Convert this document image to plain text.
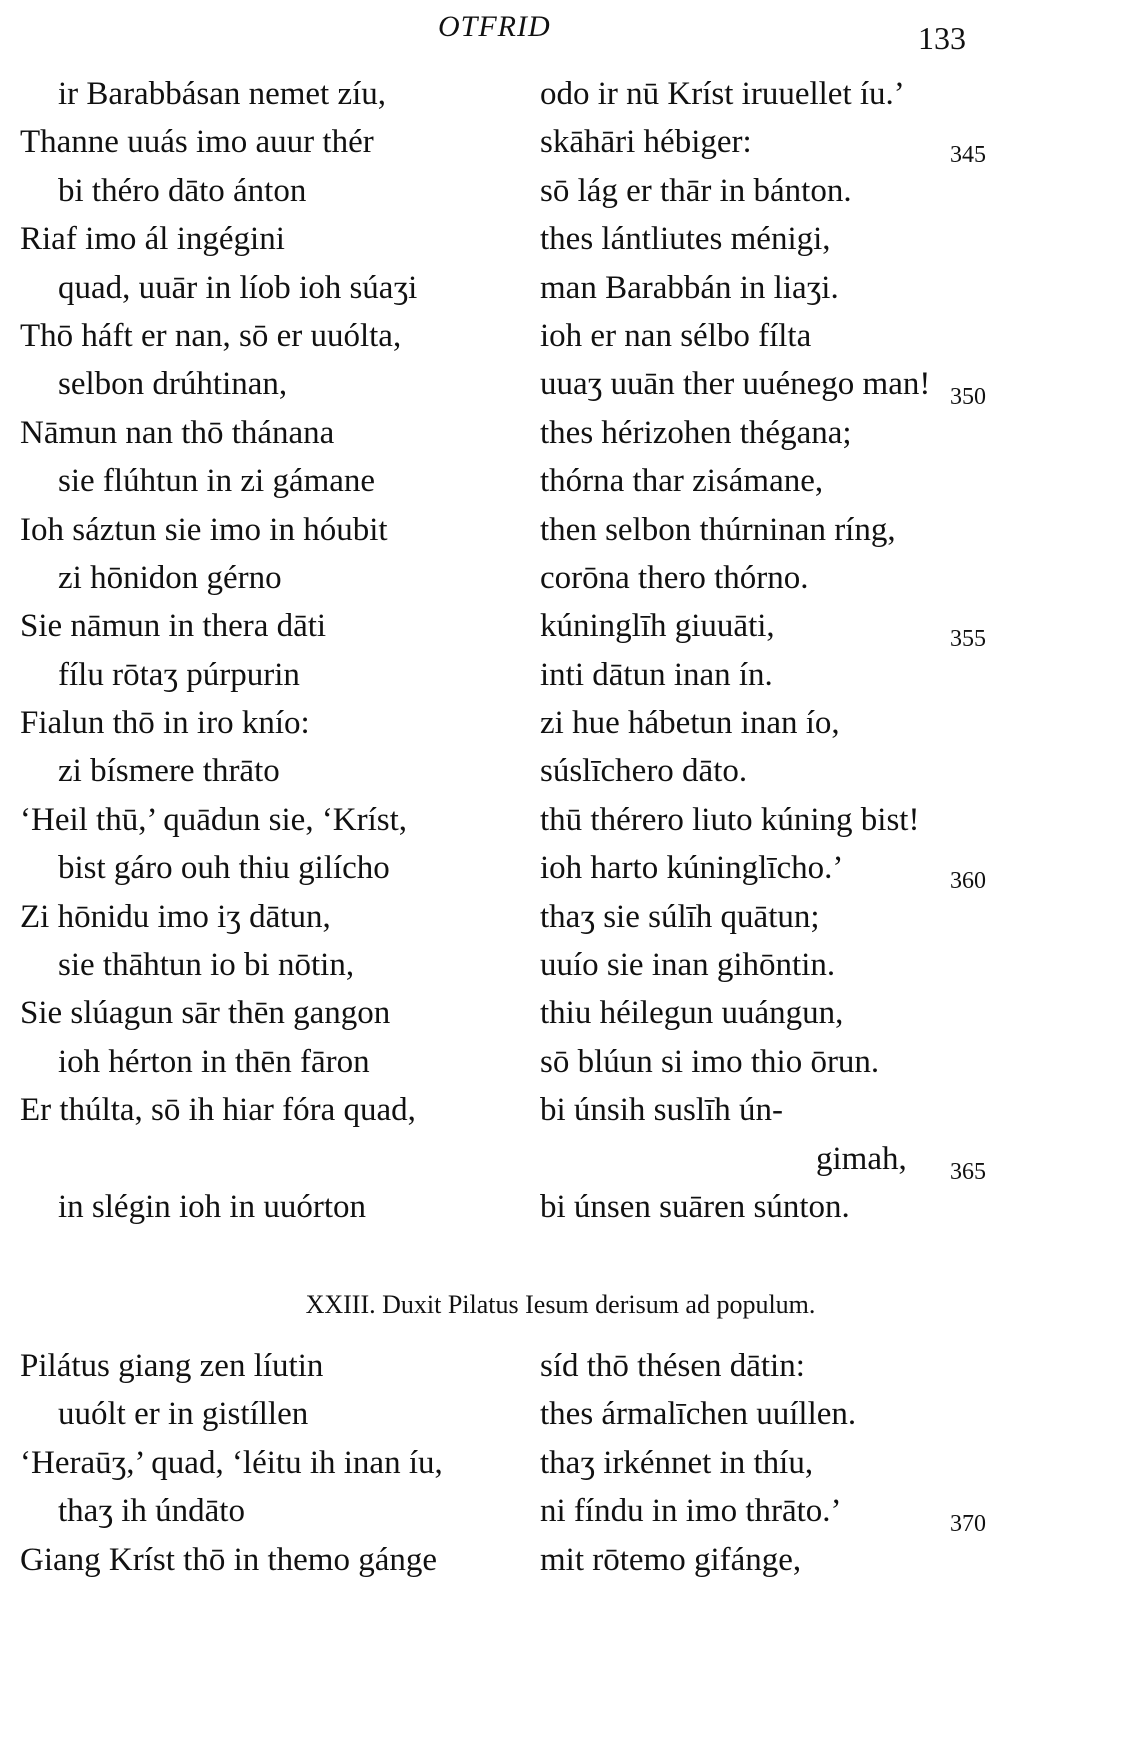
OTFRID	133
ir Barabbásan nemet zíu,	odo ir nū Kríst iruuellet íu.’
Thanne uuás imo auur thér	skāhāri hébiger:	345
bi théro dāto ánton	sō lág er thār in bánton.
Riaf imo ál ingégini	thes lántliutes ménigi,
quad, uuār in líob ioh súaʒi	man Barabbán in liaʒi.
Thō háft er nan, sō er uuólta,	ioh er nan sélbo fílta
selbon drúhtinan,	uuaʒ uuān ther uuénego man! 350
Nāmun nan thō thánana	thes hérizohen thégana;
sie flúhtun in zi gámane	thórna thar zisámane,
Ioh sáztun sie imo in hóubit	then selbon thúrninan ríng,
zi hōnidon gérno	corōna thero thórno.
Sie nāmun in thera dāti	kúninglīh giuuāti,	355
fílu rōtaʒ púrpurin	inti dātun inan ín.
Fialun thō in iro kníο:	zi hue hábetun inan ío,
zi bísmere thrāto	súslīchero dāto.
‘Heil thū,’ quādun sie, ‘Kríst,	thū thérero liuto kúning bist!
bist gáro ouh thiu gilícho	ioh harto kúninglīcho.’	360
Zi hōnidu imo iʒ dātun,	thaʒ sie súlīh quātun;
sie thāhtun io bi nōtin,	uuío sie inan gihōntin.
Sie slúagun sār thēn gangon	thiu héilegun uuángun,
ioh hérton in thēn fāron	sō blúun si imo thio ōrun.
Er thúlta, sō ih hiar fóra quad,	bi únsih suslīh ún-
gimah, 365
in slégin ioh in uuórton	bi únsen suāren súnton.
XXIII. Duxit Pilatus Iesum derisum ad populum.
Pilátus giang zen líutin	síd thō thésen dātin:
uuólt er in gistíllen	thes ármalīchen uuíllen.
‘Heraūʒ,’ quad, ‘léitu ih inan íu,	thaʒ irkénnet in thíu,
thaʒ ih úndāto	ni fíndu in imo thrāto.’	370
Giang Kríst thō in themo gánge	mit rōtemo gifánge,
